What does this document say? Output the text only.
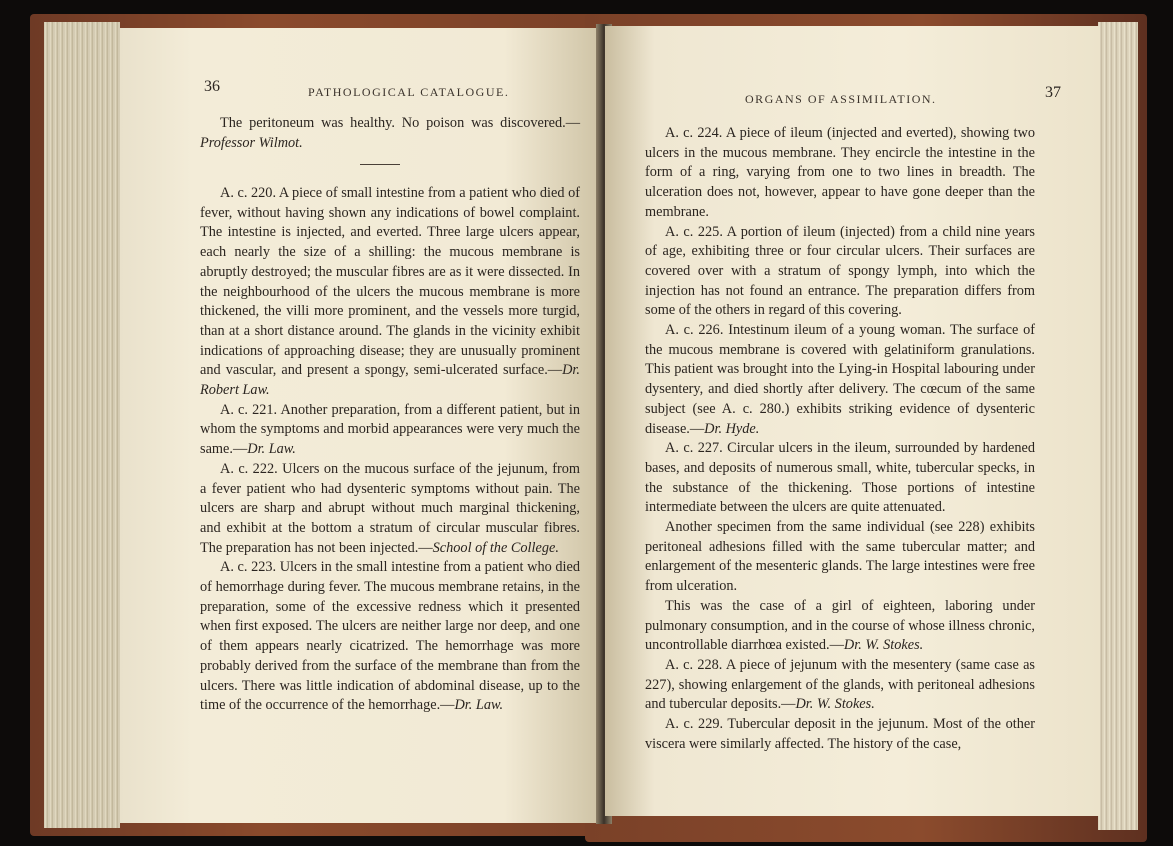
36	PATHOLOGICAL CATALOGUE.

The peritoneum was healthy. No poison was discovered.—Professor Wilmot.

A. c. 220. A piece of small intestine from a patient who died of fever, without having shown any indications of bowel complaint. The intestine is injected, and everted. Three large ulcers appear, each nearly the size of a shilling: the mucous membrane is abruptly destroyed; the muscular fibres are as it were dissected. In the neighbourhood of the ulcers the mucous membrane is more thickened, the villi more prominent, and the vessels more turgid, than at a short distance around. The glands in the vicinity exhibit indications of approaching disease; they are unusually prominent and vascular, and present a spongy, semi-ulcerated surface.—Dr. Robert Law.

A. c. 221. Another preparation, from a different patient, but in whom the symptoms and morbid appearances were very much the same.—Dr. Law.

A. c. 222. Ulcers on the mucous surface of the jejunum, from a fever patient who had dysenteric symptoms without pain. The ulcers are sharp and abrupt without much marginal thickening, and exhibit at the bottom a stratum of circular muscular fibres. The preparation has not been injected.—School of the College.

A. c. 223. Ulcers in the small intestine from a patient who died of hemorrhage during fever. The mucous membrane retains, in the preparation, some of the excessive redness which it presented when first exposed. The ulcers are neither large nor deep, and one of them appears nearly cicatrized. The hemorrhage was more probably derived from the surface of the membrane than from the ulcers. There was little indication of abdominal disease, up to the time of the occurrence of the hemorrhage.—Dr. Law.

ORGANS OF ASSIMILATION.	37

A. c. 224. A piece of ileum (injected and everted), showing two ulcers in the mucous membrane. They encircle the intestine in the form of a ring, varying from one to two lines in breadth. The ulceration does not, however, appear to have gone deeper than the membrane.

A. c. 225. A portion of ileum (injected) from a child nine years of age, exhibiting three or four circular ulcers. Their surfaces are covered over with a stratum of spongy lymph, into which the injection has not found an entrance. The preparation differs from some of the others in regard of this covering.

A. c. 226. Intestinum ileum of a young woman. The surface of the mucous membrane is covered with gelatiniform granulations. This patient was brought into the Lying-in Hospital labouring under dysentery, and died shortly after delivery. The cœcum of the same subject (see A. c. 280.) exhibits striking evidence of dysenteric disease.—Dr. Hyde.

A. c. 227. Circular ulcers in the ileum, surrounded by hardened bases, and deposits of numerous small, white, tubercular specks, in the substance of the thickening. Those portions of intestine intermediate between the ulcers are quite attenuated.

Another specimen from the same individual (see 228) exhibits peritoneal adhesions filled with the same tubercular matter; and enlargement of the mesenteric glands. The large intestines were free from ulceration.

This was the case of a girl of eighteen, laboring under pulmonary consumption, and in the course of whose illness chronic, uncontrollable diarrhœa existed.—Dr. W. Stokes.

A. c. 228. A piece of jejunum with the mesentery (same case as 227), showing enlargement of the glands, with peritoneal adhesions and tubercular deposits.—Dr. W. Stokes.

A. c. 229. Tubercular deposit in the jejunum. Most of the other viscera were similarly affected. The history of the case,
